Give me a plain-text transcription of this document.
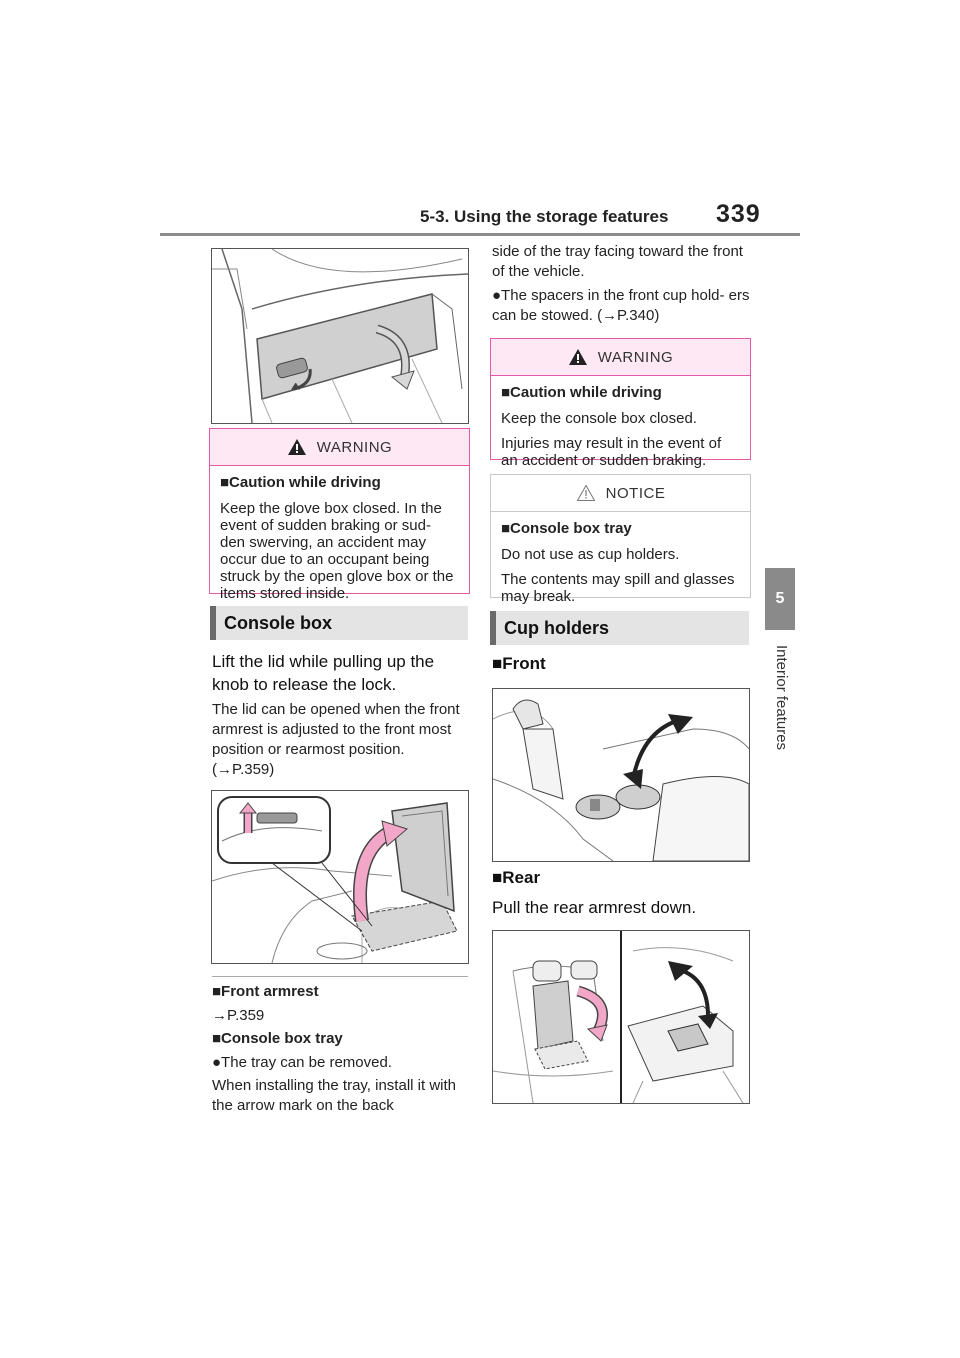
5-3. Using the storage features 339
5
Interior features
WARNING

■Caution while driving

Keep the glove box closed. In the event of sudden braking or sud- den swerving, an accident may occur due to an occupant being struck by the open glove box or the items stored inside.

Console box
Lift the lid while pulling up the knob to release the lock.
The lid can be opened when the front armrest is adjusted to the front most position or rearmost position. (→P.359)
■Front armrest
→P.359
■Console box tray
●The tray can be removed.
When installing the tray, install it with the arrow mark on the back
side of the tray facing toward the front of the vehicle.
●The spacers in the front cup hold- ers can be stowed. (→P.340)
WARNING

■Caution while driving

Keep the console box closed.

Injuries may result in the event of an accident or sudden braking.

NOTICE

■Console box tray

Do not use as cup holders.

The contents may spill and glasses may break.

Cup holders
■Front
■Rear
Pull the rear armrest down.
